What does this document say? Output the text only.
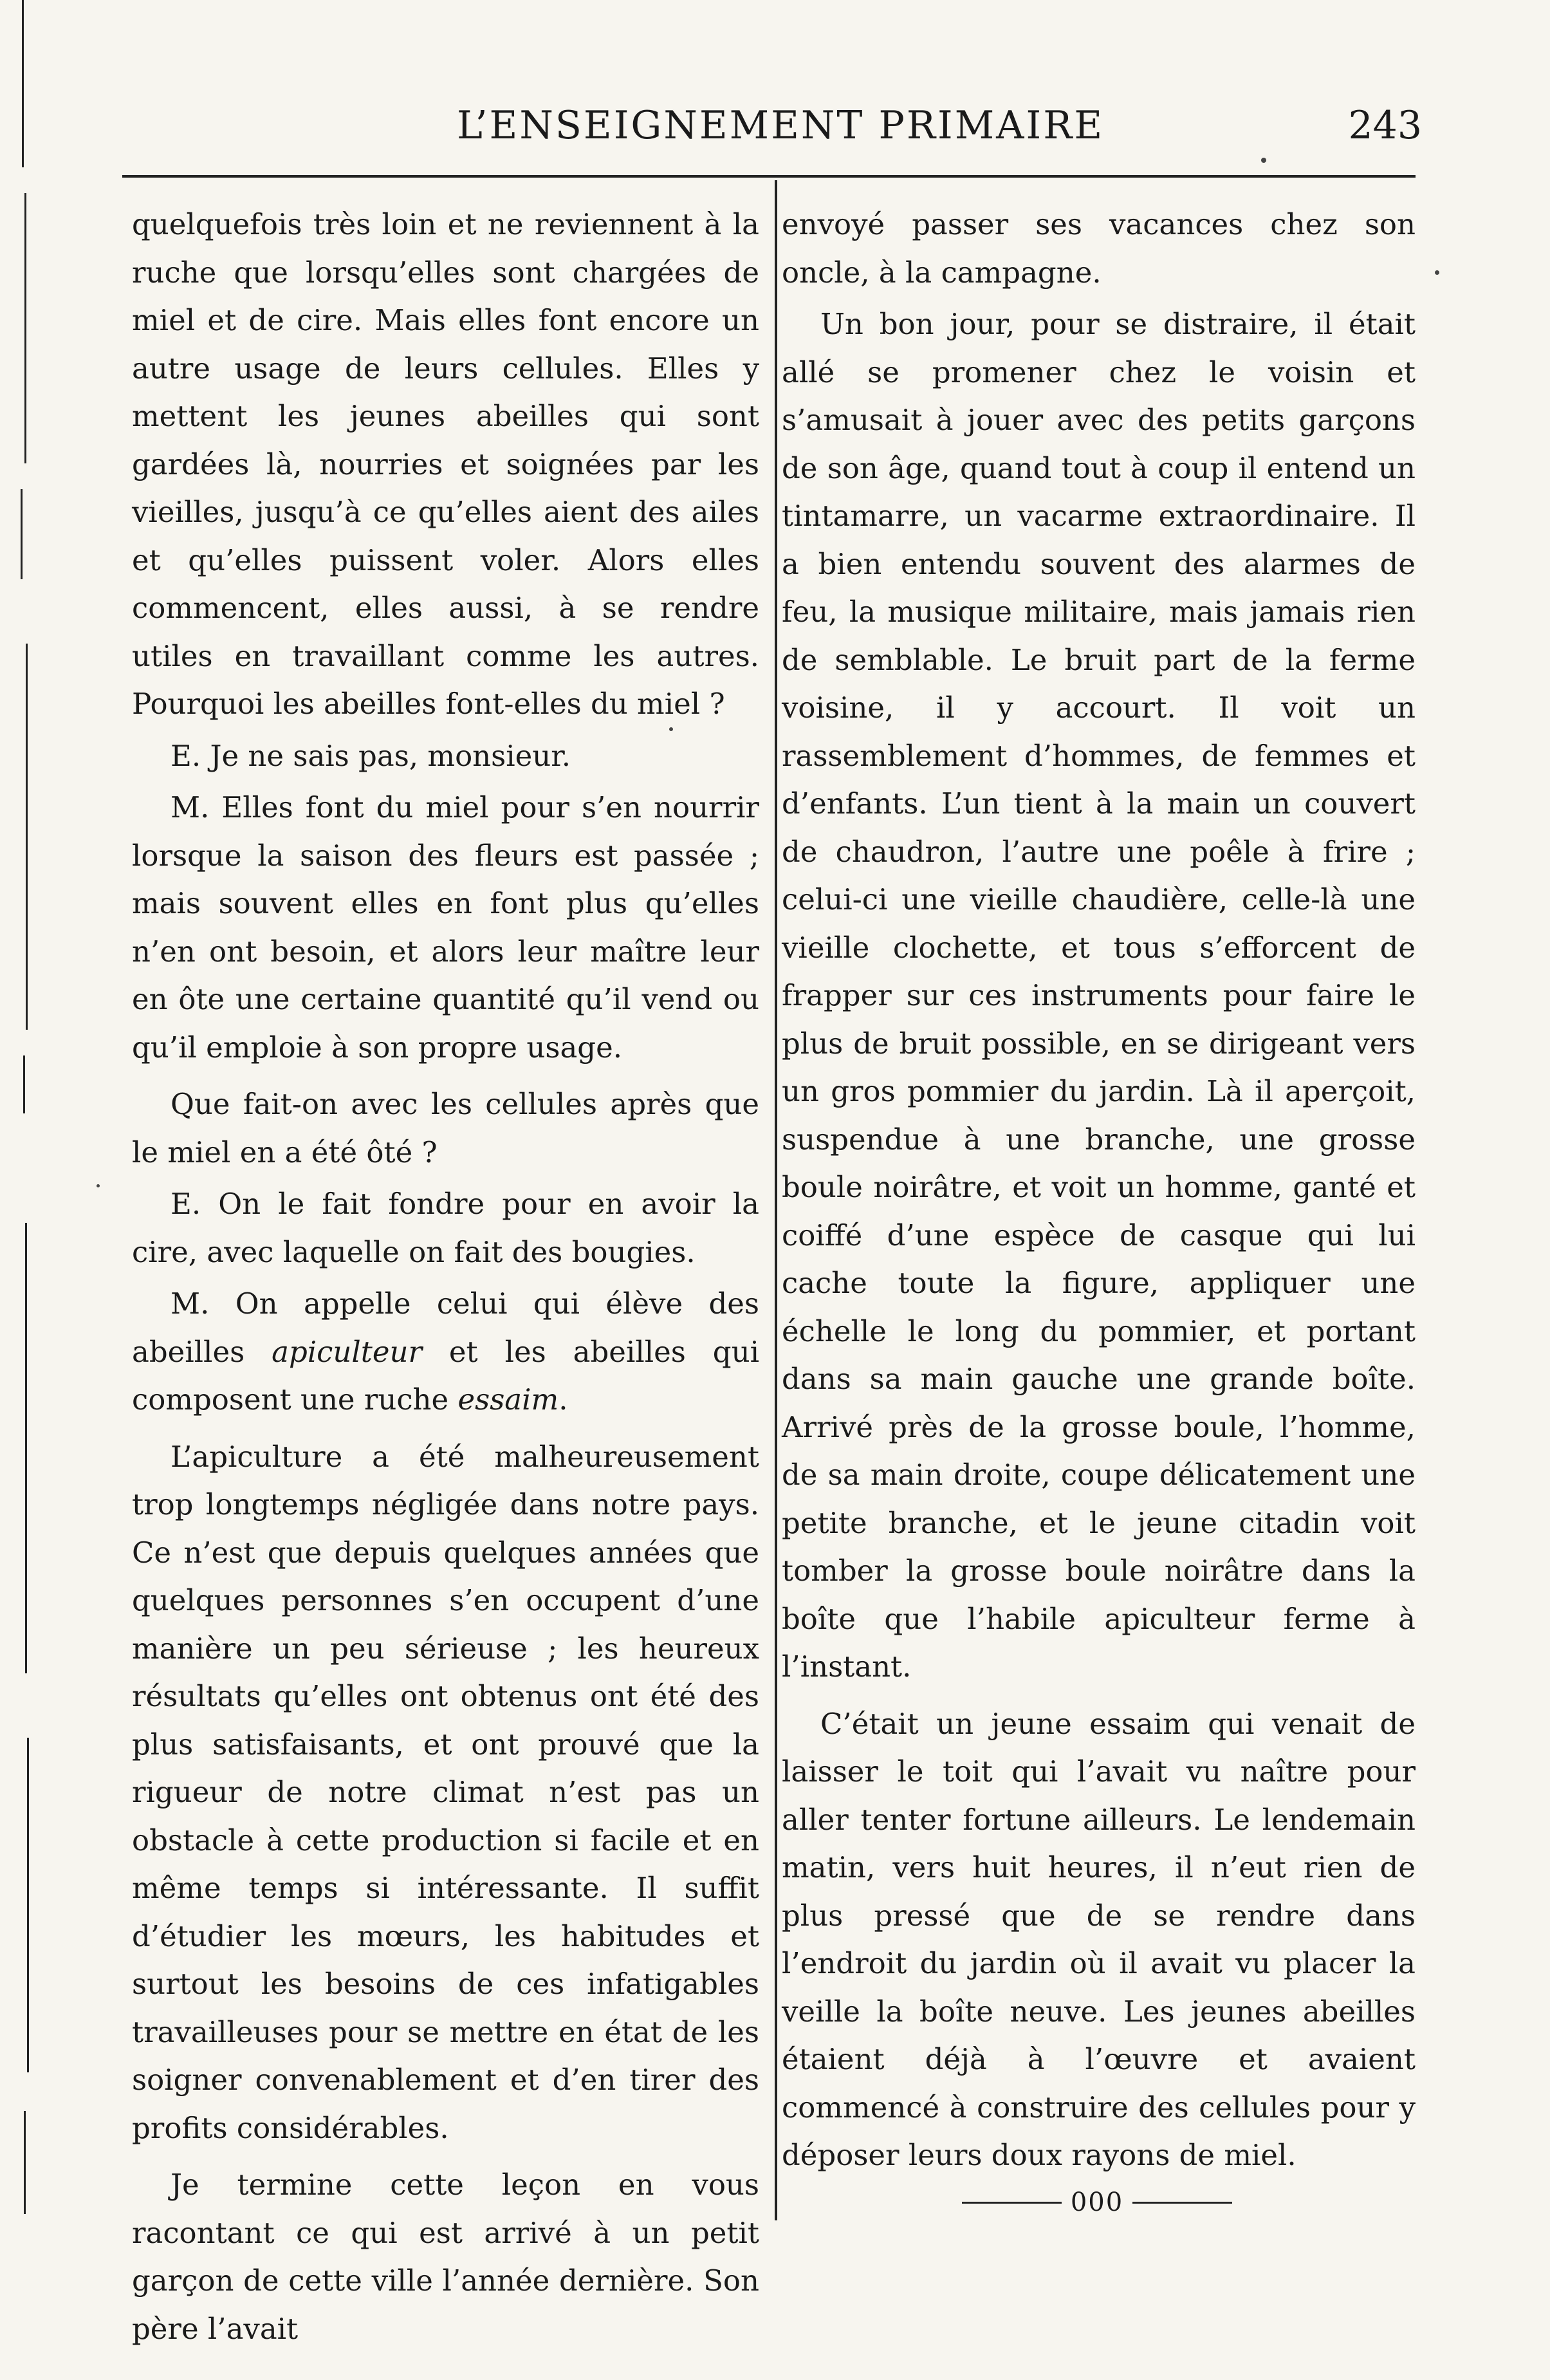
L’ENSEIGNEMENT PRIMAIRE	243

quelquefois très loin et ne reviennent à la ruche que lorsqu’elles sont chargées de miel et de cire. Mais elles font encore un autre usage de leurs cellules. Elles y mettent les jeunes abeilles qui sont gardées là, nourries et soignées par les vieilles, jusqu’à ce qu’elles aient des ailes et qu’elles puissent voler. Alors elles commencent, elles aussi, à se rendre utiles en travaillant comme les autres. Pourquoi les abeilles font-elles du miel ?

E. Je ne sais pas, monsieur.

M. Elles font du miel pour s’en nourrir lorsque la saison des fleurs est passée ; mais souvent elles en font plus qu’elles n’en ont besoin, et alors leur maître leur en ôte une certaine quantité qu’il vend ou qu’il emploie à son propre usage.

Que fait-on avec les cellules après que le miel en a été ôté ?

E. On le fait fondre pour en avoir la cire, avec laquelle on fait des bougies.

M. On appelle celui qui élève des abeilles apiculteur et les abeilles qui composent une ruche essaim.

L’apiculture a été malheureusement trop longtemps négligée dans notre pays. Ce n’est que depuis quelques années que quelques personnes s’en occupent d’une manière un peu sérieuse ; les heureux résultats qu’elles ont obtenus ont été des plus satisfaisants, et ont prouvé que la rigueur de notre climat n’est pas un obstacle à cette production si facile et en même temps si intéressante. Il suffit d’étudier les mœurs, les habitudes et surtout les besoins de ces infatigables travailleuses pour se mettre en état de les soigner convenablement et d’en tirer des profits considérables.

Je termine cette leçon en vous racontant ce qui est arrivé à un petit garçon de cette ville l’année dernière. Son père l’avait

envoyé passer ses vacances chez son oncle, à la campagne.

Un bon jour, pour se distraire, il était allé se promener chez le voisin et s’amusait à jouer avec des petits garçons de son âge, quand tout à coup il entend un tintamarre, un vacarme extraordinaire. Il a bien entendu souvent des alarmes de feu, la musique militaire, mais jamais rien de semblable. Le bruit part de la ferme voisine, il y accourt. Il voit un rassemblement d’hommes, de femmes et d’enfants. L’un tient à la main un couvert de chaudron, l’autre une poêle à frire ; celui-ci une vieille chaudière, celle-là une vieille clochette, et tous s’efforcent de frapper sur ces instruments pour faire le plus de bruit possible, en se dirigeant vers un gros pommier du jardin. Là il aperçoit, suspendue à une branche, une grosse boule noirâtre, et voit un homme, ganté et coiffé d’une espèce de casque qui lui cache toute la figure, appliquer une échelle le long du pommier, et portant dans sa main gauche une grande boîte. Arrivé près de la grosse boule, l’homme, de sa main droite, coupe délicatement une petite branche, et le jeune citadin voit tomber la grosse boule noirâtre dans la boîte que l’habile apiculteur ferme à l’instant.

C’était un jeune essaim qui venait de laisser le toit qui l’avait vu naître pour aller tenter fortune ailleurs. Le lendemain matin, vers huit heures, il n’eut rien de plus pressé que de se rendre dans l’endroit du jardin où il avait vu placer la veille la boîte neuve. Les jeunes abeilles étaient déjà à l’œuvre et avaient commencé à construire des cellules pour y déposer leurs doux rayons de miel.

000
